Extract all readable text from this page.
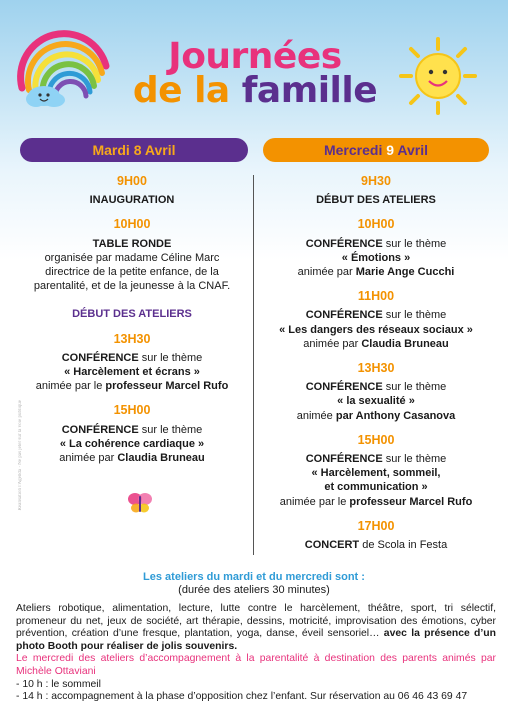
Journées
de la famille
Mardi 8 Avril	Mercredi 9 Avril
9H00
INAUGURATION
10H00
TABLE RONDE
organisée par madame Céline Marc directrice de la petite enfance, de la parentalité, et de la jeunesse à la CNAF.
DÉBUT DES ATELIERS
13H30
CONFÉRENCE sur le thème
« Harcèlement et écrans »
animée par le professeur Marcel Rufo
15H00
CONFÉRENCE sur le thème
« La cohérence cardiaque »
animée par Claudia Bruneau
9H30
DÉBUT DES ATELIERS
10H00
CONFÉRENCE sur le thème
« Émotions »
animée par Marie Ange Cucchi
11H00
CONFÉRENCE sur le thème
« Les dangers des réseaux sociaux »
animée par Claudia Bruneau
13H30
CONFÉRENCE sur le thème
« la sexualité »
animée par Anthony Casanova
15H00
CONFÉRENCE sur le thème
« Harcèlement, sommeil,
et communication »
animée par le professeur Marcel Rufo
17H00
CONCERT de Scola in Festa
Réalisation l'Agenda · Ne pas jeter sur la voie publique
Les ateliers du mardi et du mercredi sont :
(durée des ateliers 30 minutes)
Ateliers robotique, alimentation, lecture, lutte contre le harcèlement, théâtre, sport, tri sélectif, promeneur du net, jeux de société, art thérapie, dessins, motricité, improvisation des émotions, cyber prévention, création d’une fresque, plantation, yoga, danse, éveil sensoriel… avec la présence d’un photo Booth pour réaliser de jolis souvenirs.
Le mercredi des ateliers d’accompagnement à la parentalité à destination des parents animés par Michèle Ottaviani
- 10 h : le sommeil
- 14 h : accompagnement à la phase d’opposition chez l’enfant. Sur réservation au 06 46 43 69 47
